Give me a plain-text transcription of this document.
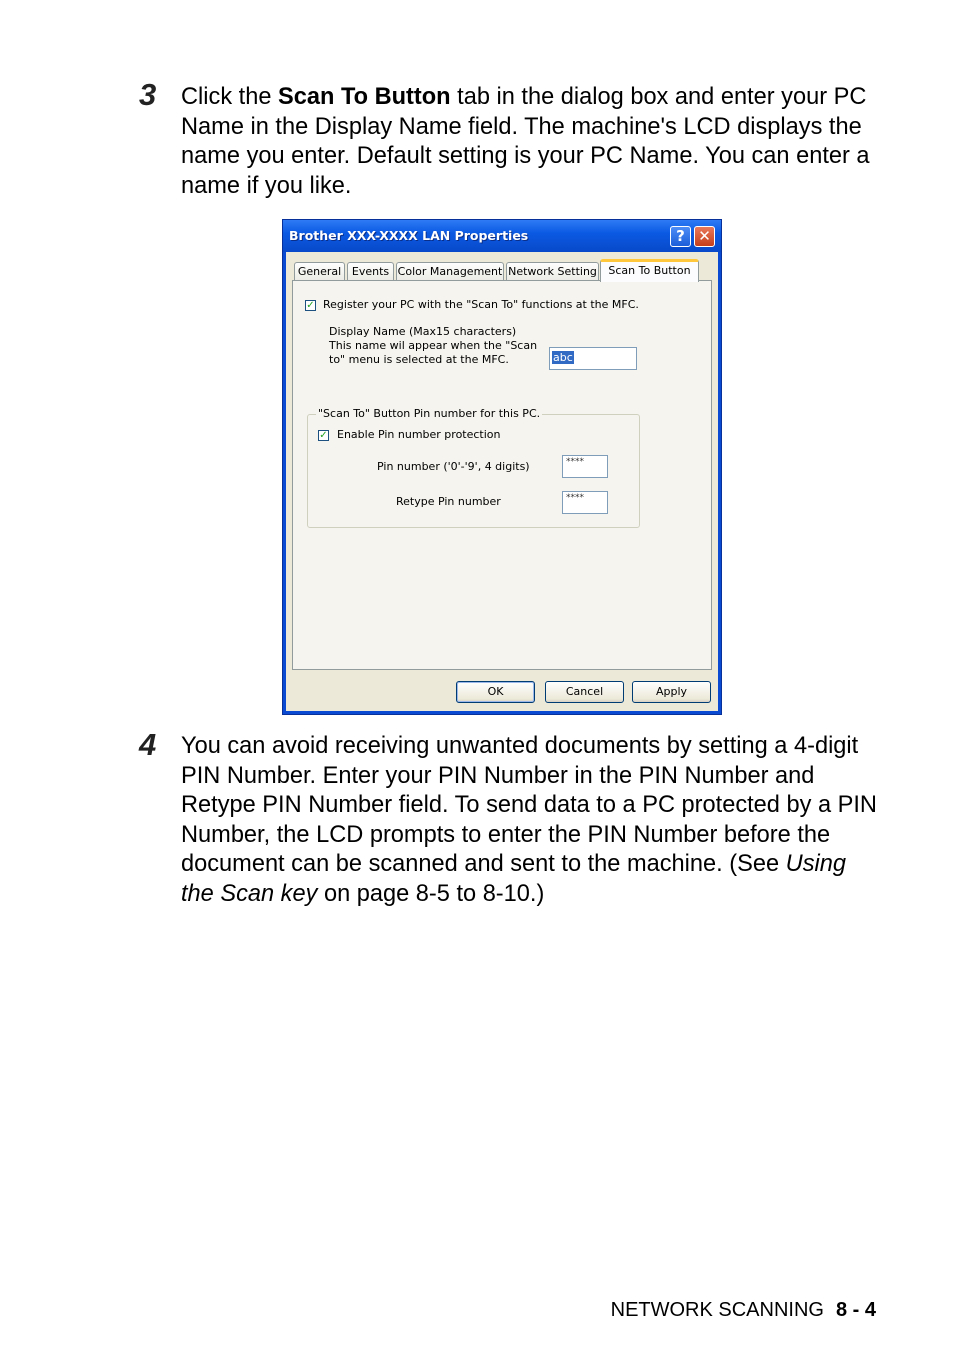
3 Click the Scan To Button tab in the dialog box and enter your PC Name in the Display Name field. The machine's LCD displays the name you enter. Default setting is your PC Name. You can enter a name if you like.

Brother XXX-XXXX LAN Properties	? ✕
General Events Color Management Network Setting	Scan To Button
✓ Register your PC with the "Scan To" functions at the MFC.
Display Name (Max15 characters)
This name wil appear when the "Scan
to" menu is selected at the MFC.	abc
"Scan To" Button Pin number for this PC.
✓ Enable Pin number protection
Pin number ('0'-'9', 4 digits)	****
Retype Pin number	****
OK	Cancel	Apply
4 You can avoid receiving unwanted documents by setting a 4-digit PIN Number. Enter your PIN Number in the PIN Number and Retype PIN Number field. To send data to a PC protected by a PIN Number, the LCD prompts to enter the PIN Number before the document can be scanned and sent to the machine. (See Using the Scan key on page 8-5 to 8-10.)

NETWORK SCANNING 8 - 4
